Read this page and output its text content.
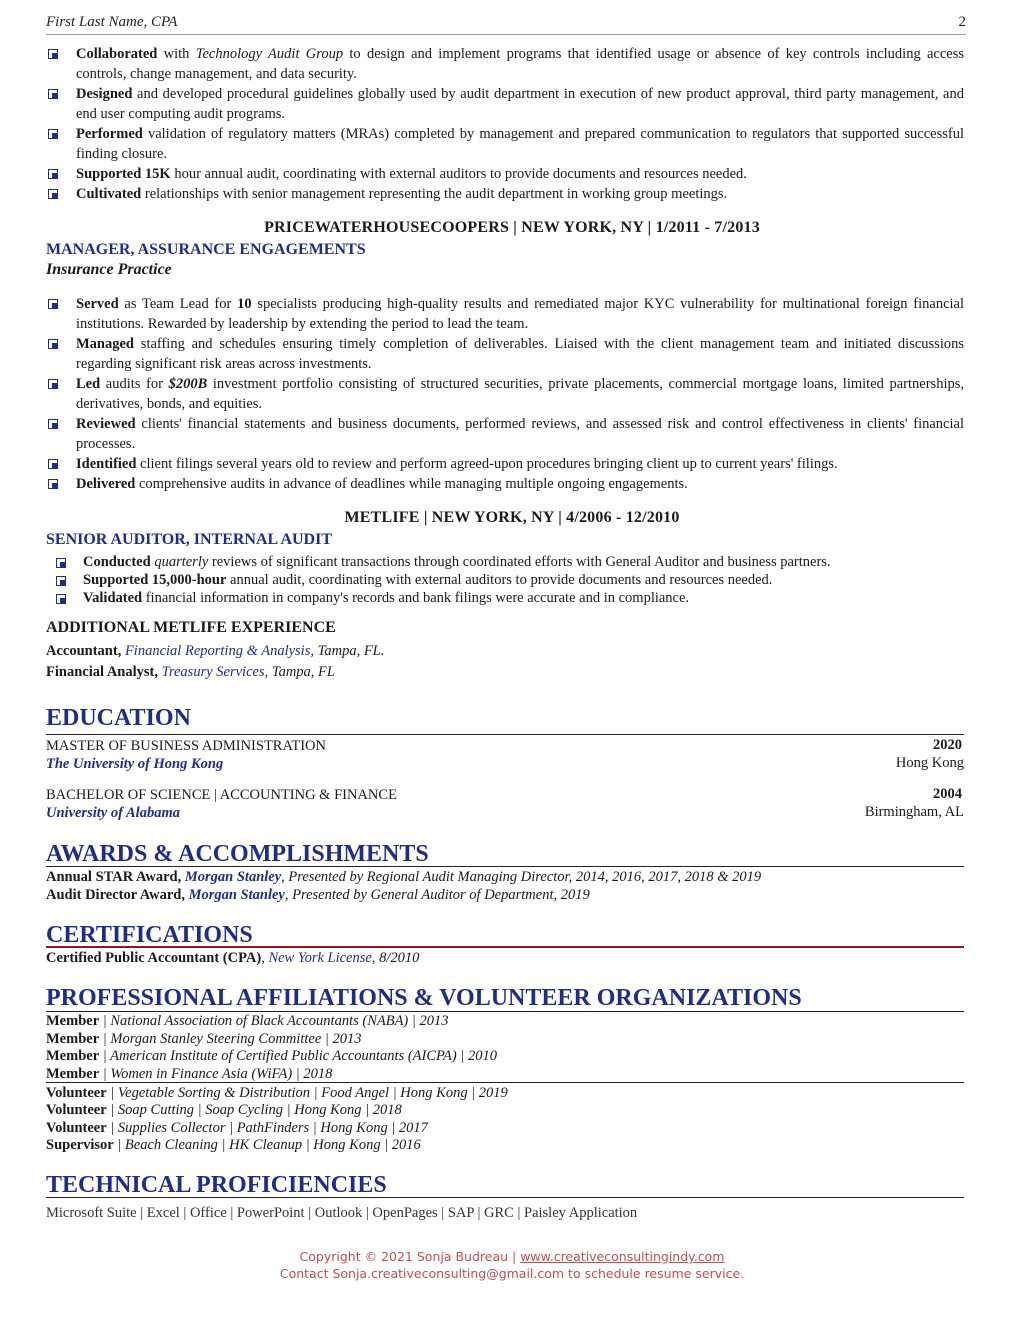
First Last Name, CPA	2
Collaborated with Technology Audit Group to design and implement programs that identified usage or absence of key controls including access controls, change management, and data security.
Designed and developed procedural guidelines globally used by audit department in execution of new product approval, third party management, and end user computing audit programs.
Performed validation of regulatory matters (MRAs) completed by management and prepared communication to regulators that supported successful finding closure.
Supported 15K hour annual audit, coordinating with external auditors to provide documents and resources needed.
Cultivated relationships with senior management representing the audit department in working group meetings.
PRICEWATERHOUSECOOPERS | NEW YORK, NY | 1/2011 - 7/2013
MANAGER, ASSURANCE ENGAGEMENTS
Insurance Practice
Served as Team Lead for 10 specialists producing high-quality results and remediated major KYC vulnerability for multinational foreign financial institutions. Rewarded by leadership by extending the period to lead the team.
Managed staffing and schedules ensuring timely completion of deliverables. Liaised with the client management team and initiated discussions regarding significant risk areas across investments.
Led audits for $200B investment portfolio consisting of structured securities, private placements, commercial mortgage loans, limited partnerships, derivatives, bonds, and equities.
Reviewed clients' financial statements and business documents, performed reviews, and assessed risk and control effectiveness in clients' financial processes.
Identified client filings several years old to review and perform agreed-upon procedures bringing client up to current years' filings.
Delivered comprehensive audits in advance of deadlines while managing multiple ongoing engagements.
METLIFE | NEW YORK, NY | 4/2006 - 12/2010
SENIOR AUDITOR, INTERNAL AUDIT
Conducted quarterly reviews of significant transactions through coordinated efforts with General Auditor and business partners.
Supported 15,000-hour annual audit, coordinating with external auditors to provide documents and resources needed.
Validated financial information in company's records and bank filings were accurate and in compliance.
ADDITIONAL METLIFE EXPERIENCE
Accountant, Financial Reporting & Analysis, Tampa, FL.
Financial Analyst, Treasury Services, Tampa, FL
EDUCATION
MASTER OF BUSINESS ADMINISTRATION	2020
The University of Hong Kong	Hong Kong
BACHELOR OF SCIENCE | ACCOUNTING & FINANCE	2004
University of Alabama	Birmingham, AL
AWARDS & ACCOMPLISHMENTS
Annual STAR Award, Morgan Stanley, Presented by Regional Audit Managing Director, 2014, 2016, 2017, 2018 & 2019
Audit Director Award, Morgan Stanley, Presented by General Auditor of Department, 2019
CERTIFICATIONS
Certified Public Accountant (CPA), New York License, 8/2010
PROFESSIONAL AFFILIATIONS & VOLUNTEER ORGANIZATIONS
Member | National Association of Black Accountants (NABA) | 2013
Member | Morgan Stanley Steering Committee | 2013
Member | American Institute of Certified Public Accountants (AICPA) | 2010
Member | Women in Finance Asia (WiFA) | 2018
Volunteer | Vegetable Sorting & Distribution | Food Angel | Hong Kong | 2019
Volunteer | Soap Cutting | Soap Cycling | Hong Kong | 2018
Volunteer | Supplies Collector | PathFinders | Hong Kong | 2017
Supervisor | Beach Cleaning | HK Cleanup | Hong Kong | 2016
TECHNICAL PROFICIENCIES
Microsoft Suite | Excel | Office | PowerPoint | Outlook | OpenPages | SAP | GRC | Paisley Application
Copyright © 2021 Sonja Budreau | www.creativeconsultingindy.com
Contact Sonja.creativeconsulting@gmail.com to schedule resume service.
